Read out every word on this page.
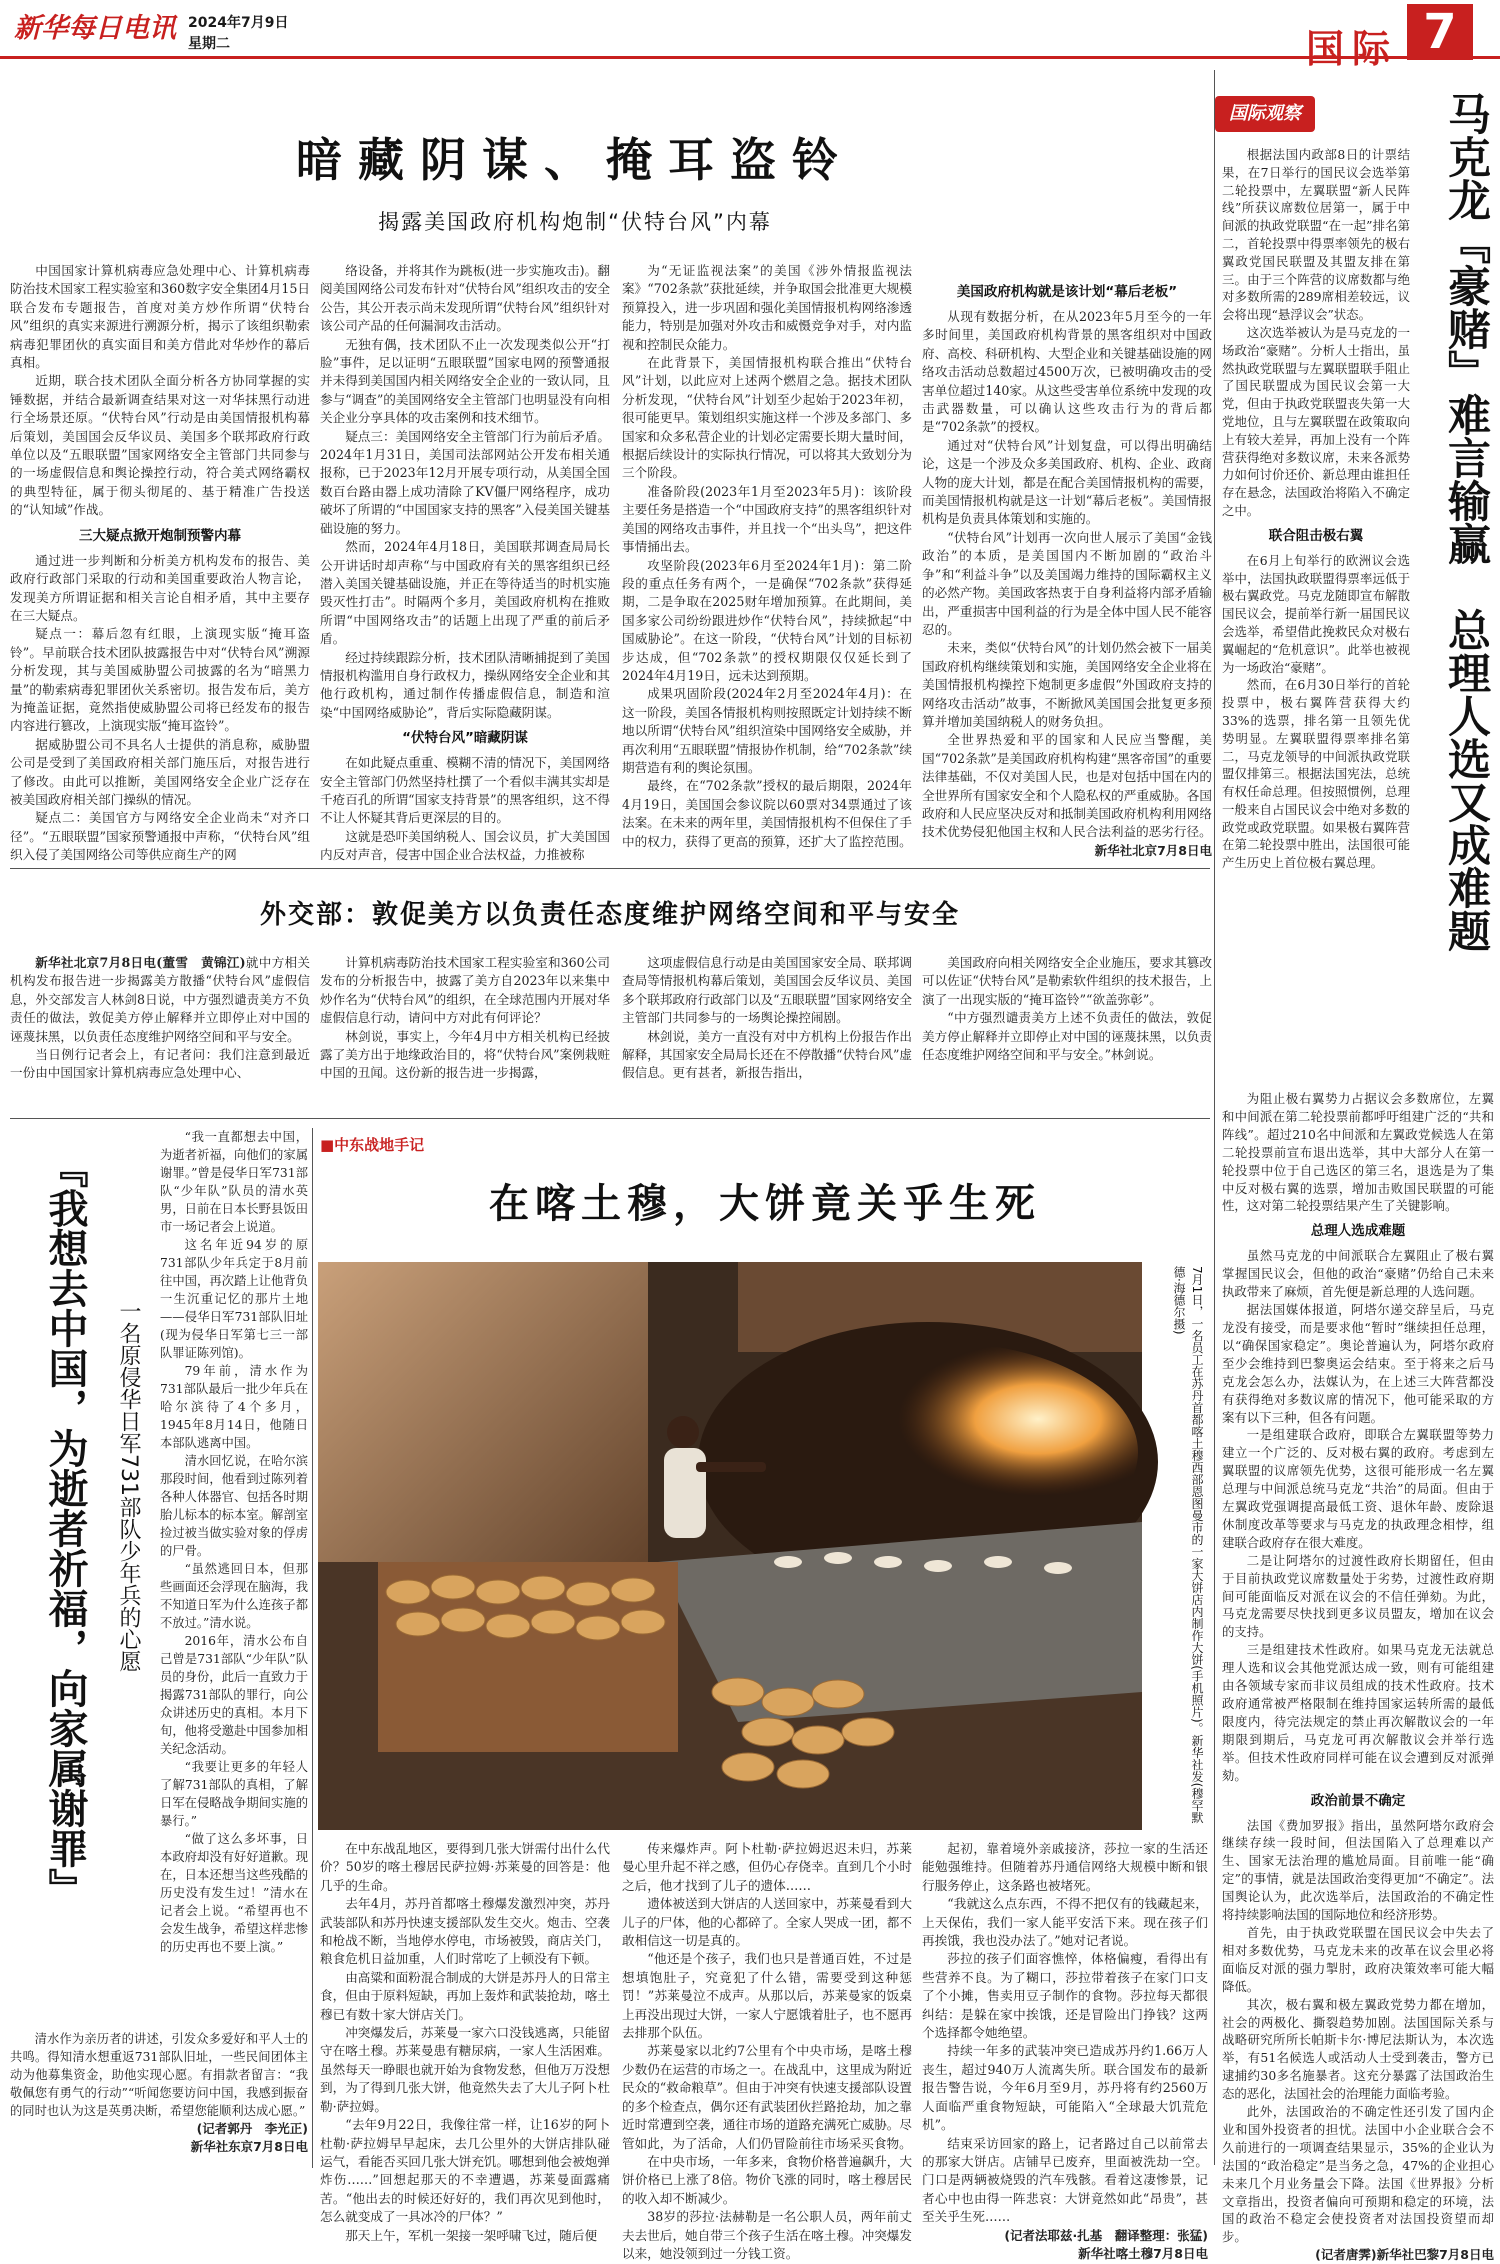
新华每日电讯 2024年7月9日
星期二	国际 7
暗藏阴谋、掩耳盗铃
揭露美国政府机构炮制“伏特台风”内幕

中国国家计算机病毒应急处理中心、计算机病毒防治技术国家工程实验室和360数字安全集团4月15日联合发布专题报告，首度对美方炒作所谓“伏特台风”组织的真实来源进行溯源分析，揭示了该组织勒索病毒犯罪团伙的真实面目和美方借此对华炒作的幕后真相。

近期，联合技术团队全面分析各方协同掌握的实锤数据，并结合最新调查结果对这一对华抹黑行动进行全场景还原。“伏特台风”行动是由美国情报机构幕后策划，美国国会反华议员、美国多个联邦政府行政单位以及“五眼联盟”国家网络安全主管部门共同参与的一场虚假信息和舆论操控行动，符合美式网络霸权的典型特征，属于彻头彻尾的、基于精准广告投送的“认知域”作战。

三大疑点掀开炮制预警内幕

通过进一步判断和分析美方机构发布的报告、美政府行政部门采取的行动和美国重要政治人物言论，发现美方所谓证据和相关言论自相矛盾，其中主要存在三大疑点。

疑点一：幕后忽有红眼，上演现实版“掩耳盗铃”。早前联合技术团队披露报告中对“伏特台风”溯源分析发现，其与美国威胁盟公司披露的名为“暗黑力量”的勒索病毒犯罪团伙关系密切。报告发布后，美方为掩盖证据，竟然指使威胁盟公司将已经发布的报告内容进行篡改，上演现实版“掩耳盗铃”。

据威胁盟公司不具名人士提供的消息称，威胁盟公司是受到了美国政府相关部门施压后，对报告进行了修改。由此可以推断，美国网络安全企业广泛存在被美国政府相关部门操纵的情况。

疑点二：美国官方与网络安全企业尚未“对齐口径”。“五眼联盟”国家预警通报中声称，“伏特台风”组织入侵了美国网络公司等供应商生产的网

络设备，并将其作为跳板(进一步实施攻击)。翻阅美国网络公司发布针对“伏特台风”组织攻击的安全公告，其公开表示尚未发现所谓“伏特台风”组织针对该公司产品的任何漏洞攻击活动。

无独有偶，技术团队不止一次发现类似公开“打脸”事件，足以证明“五眼联盟”国家电网的预警通报并未得到美国国内相关网络安全企业的一致认同，且参与“调查”的美国网络安全主管部门也明显没有向相关企业分享具体的攻击案例和技术细节。

疑点三：美国网络安全主管部门行为前后矛盾。2024年1月31日，美国司法部网站公开发布相关通报称，已于2023年12月开展专项行动，从美国全国数百台路由器上成功清除了KV僵尸网络程序，成功破坏了所谓的“中国国家支持的黑客”入侵美国关键基础设施的努力。

然而，2024年4月18日，美国联邦调查局局长公开讲话时却声称“与中国政府有关的黑客组织已经潜入美国关键基础设施，并正在等待适当的时机实施毁灭性打击”。时隔两个多月，美国政府机构在推败所谓“中国网络攻击”的话题上出现了严重的前后矛盾。

经过持续跟踪分析，技术团队清晰捕捉到了美国情报机构滥用自身行政权力，操纵网络安全企业和其他行政机构，通过制作传播虚假信息，制造和渲染“中国网络威胁论”，背后实际隐藏阴谋。

“伏特台风”暗藏阴谋

在如此疑点重重、模糊不清的情况下，美国网络安全主管部门仍然坚持杜撰了一个看似丰满其实却是千疮百孔的所谓“国家支持背景”的黑客组织，这不得不让人怀疑其背后更深层的目的。

这就是恐吓美国纳税人、国会议员，扩大美国国内反对声音，侵害中国企业合法权益，力推被称

为“无证监视法案”的美国《涉外情报监视法案》“702条款”获批延续，并争取国会批准更大规模预算投入，进一步巩固和强化美国情报机构网络渗透能力，特别是加强对外攻击和威慑竞争对手，对内监视和控制民众能力。

在此背景下，美国情报机构联合推出“伏特台风”计划，以此应对上述两个燃眉之急。据技术团队分析发现，“伏特台风”计划至少起始于2023年初，很可能更早。策划组织实施这样一个涉及多部门、多国家和众多私营企业的计划必定需要长期大量时间，根据后续设计的实际执行情况，可以将其大致划分为三个阶段。

准备阶段(2023年1月至2023年5月)：该阶段主要任务是搭造一个“中国政府支持”的黑客组织针对美国的网络攻击事件，并且找一个“出头鸟”，把这件事情捅出去。

攻坚阶段(2023年6月至2024年1月)：第二阶段的重点任务有两个，一是确保“702条款”获得延期，二是争取在2025财年增加预算。在此期间，美国多家公司纷纷跟进炒作“伏特台风”，持续掀起“中国威胁论”。在这一阶段，“伏特台风”计划的目标初步达成，但“702条款”的授权期限仅仅延长到了2024年4月19日，远未达到预期。

成果巩固阶段(2024年2月至2024年4月)：在这一阶段，美国各情报机构则按照既定计划持续不断地以所谓“伏特台风”组织渲染中国网络安全威胁，并再次利用“五眼联盟”情报协作机制，给“702条款”续期营造有利的舆论氛围。

最终，在“702条款”授权的最后期限，2024年4月19日，美国国会参议院以60票对34票通过了该法案。在未来的两年里，美国情报机构不但保住了手中的权力，获得了更高的预算，还扩大了监控范围。

美国政府机构就是该计划“幕后老板”

从现有数据分析，在从2023年5月至今的一年多时间里，美国政府机构背景的黑客组织对中国政府、高校、科研机构、大型企业和关键基础设施的网络攻击活动总数超过4500万次，已被明确攻击的受害单位超过140家。从这些受害单位系统中发现的攻击武器数量，可以确认这些攻击行为的背后都是“702条款”的授权。

通过对“伏特台风”计划复盘，可以得出明确结论，这是一个涉及众多美国政府、机构、企业、政商人物的庞大计划，都是在配合美国情报机构的需要，而美国情报机构就是这一计划“幕后老板”。美国情报机构是负责具体策划和实施的。

“伏特台风”计划再一次向世人展示了美国“金钱政治”的本质，是美国国内不断加剧的“政治斗争”和“利益斗争”以及美国竭力维持的国际霸权主义的必然产物。美国政客热衷于自身利益将内部矛盾输出，严重损害中国利益的行为是全体中国人民不能容忍的。

未来，类似“伏特台风”的计划仍然会被下一届美国政府机构继续策划和实施，美国网络安全企业将在美国情报机构操控下炮制更多虚假“外国政府支持的网络攻击活动”故事，不断掀风美国国会批复更多预算并增加美国纳税人的财务负担。

全世界热爱和平的国家和人民应当警醒，美国“702条款”是美国政府机构构建“黑客帝国”的重要法律基础，不仅对美国人民，也是对包括中国在内的全世界所有国家安全和个人隐私权的严重威胁。各国政府和人民应坚决反对和抵制美国政府机构利用网络技术优势侵犯他国主权和人民合法利益的恶劣行径。

新华社北京7月8日电
外交部：敦促美方以负责任态度维护网络空间和平与安全

新华社北京7月8日电(董雪　黄锦江)就中方相关机构发布报告进一步揭露美方散播“伏特台风”虚假信息，外交部发言人林剑8日说，中方强烈谴责美方不负责任的做法，敦促美方停止解释并立即停止对中国的诬蔑抹黑，以负责任态度维护网络空间和平与安全。

当日例行记者会上，有记者问：我们注意到最近一份由中国国家计算机病毒应急处理中心、

计算机病毒防治技术国家工程实验室和360公司发布的分析报告中，披露了美方自2023年以来集中炒作名为“伏特台风”的组织，在全球范围内开展对华虚假信息行动，请问中方对此有何评论？

林剑说，事实上，今年4月中方相关机构已经披露了美方出于地缘政治目的，将“伏特台风”案例栽赃中国的丑闻。这份新的报告进一步揭露，

这项虚假信息行动是由美国国家安全局、联邦调查局等情报机构幕后策划，美国国会反华议员、美国多个联邦政府行政部门以及“五眼联盟”国家网络安全主管部门共同参与的一场舆论操控闹剧。

林剑说，美方一直没有对中方机构上份报告作出解释，其国家安全局局长还在不停散播“伏特台风”虚假信息。更有甚者，新报告指出，

美国政府向相关网络安全企业施压，要求其篡改可以佐证“伏特台风”是勒索软件组织的技术报告，上演了一出现实版的“掩耳盗铃”“欲盖弥彰”。

“中方强烈谴责美方上述不负责任的做法，敦促美方停止解释并立即停止对中国的诬蔑抹黑，以负责任态度维护网络空间和平与安全。”林剑说。

国际观察	马克龙『豪赌』难言输赢　总理人选又成难题

根据法国内政部8日的计票结果，在7日举行的国民议会选举第二轮投票中，左翼联盟“新人民阵线”所获议席数位居第一，属于中间派的执政党联盟“在一起”排名第二，首轮投票中得票率领先的极右翼政党国民联盟及其盟友排在第三。由于三个阵营的议席数都与绝对多数所需的289席相差较远，议会将出现“悬浮议会”状态。

这次选举被认为是马克龙的一场政治“豪赌”。分析人士指出，虽然执政党联盟与左翼联盟联手阻止了国民联盟成为国民议会第一大党，但由于执政党联盟丧失第一大党地位，且与左翼联盟在政策取向上有较大差异，再加上没有一个阵营获得绝对多数议席，未来各派势力如何讨价还价、新总理由谁担任存在悬念，法国政治将陷入不确定之中。

联合阻击极右翼

在6月上旬举行的欧洲议会选举中，法国执政联盟得票率远低于极右翼政党。马克龙随即宣布解散国民议会，提前举行新一届国民议会选举，希望借此挽救民众对极右翼崛起的“危机意识”。此举也被视为一场政治“豪赌”。

然而，在6月30日举行的首轮投票中，极右翼阵营获得大约33%的选票，排名第一且领先优势明显。左翼联盟得票率排名第二，马克龙领导的中间派执政党联盟仅排第三。根据法国宪法，总统有权任命总理。但按照惯例，总理一般来自占国民议会中绝对多数的政党或政党联盟。如果极右翼阵营在第二轮投票中胜出，法国很可能产生历史上首位极右翼总理。

为阻止极右翼势力占据议会多数席位，左翼和中间派在第二轮投票前都呼吁组建广泛的“共和阵线”。超过210名中间派和左翼政党候选人在第二轮投票前宣布退出选举，其中大部分人在第一轮投票中位于自己选区的第三名，退选是为了集中反对极右翼的选票，增加击败国民联盟的可能性，这对第二轮投票结果产生了关键影响。

总理人选成难题

虽然马克龙的中间派联合左翼阻止了极右翼掌握国民议会，但他的政治“豪赌”仍给自己未来执政带来了麻烦，首先便是新总理的人选问题。

据法国媒体报道，阿塔尔递交辞呈后，马克龙没有接受，而是要求他“暂时”继续担任总理，以“确保国家稳定”。奥论普遍认为，阿塔尔政府至少会维持到巴黎奥运会结束。至于将来之后马克龙会怎么办，法媒认为，在上述三大阵营都没有获得绝对多数议席的情况下，他可能采取的方案有以下三种，但各有问题。

一是组建联合政府，即联合左翼联盟等势力建立一个广泛的、反对极右翼的政府。考虑到左翼联盟的议席领先优势，这很可能形成一名左翼总理与中间派总统马克龙“共治”的局面。但由于左翼政党强调提高最低工资、退休年龄、废除退休制度改革等要求与马克龙的执政理念相悖，组建联合政府存在很大难度。

二是让阿塔尔的过渡性政府长期留任，但由于目前执政党议席数量处于劣势，过渡性政府期间可能面临反对派在议会的不信任弹劾。为此，马克龙需要尽快找到更多议员盟友，增加在议会的支持。

三是组建技术性政府。如果马克龙无法就总理人选和议会其他党派达成一致，则有可能组建由各领域专家而非议员组成的技术性政府。技术政府通常被严格限制在维持国家运转所需的最低限度内，待完法规定的禁止再次解散议会的一年期限到期后，马克龙可再次解散议会并举行选举。但技术性政府同样可能在议会遭到反对派弹劾。

政治前景不确定

法国《费加罗报》指出，虽然阿塔尔政府会继续存续一段时间，但法国陷入了总理难以产生、国家无法治理的尴尬局面。目前唯一能“确定”的事情，就是法国政治变得更加“不确定”。法国舆论认为，此次选举后，法国政治的不确定性将持续影响法国的国际地位和经济形势。

首先，由于执政党联盟在国民议会中失去了相对多数优势，马克龙未来的改革在议会里必将面临反对派的强力掣肘，政府决策效率可能大幅降低。

其次，极右翼和极左翼政党势力都在增加，社会的两极化、撕裂趋势加剧。法国国际关系与战略研究所所长帕斯卡尔·博尼法斯认为，本次选举，有51名候选人或活动人士受到袭击，警方已逮捕约30多名施暴者。这充分暴露了法国政治生态的恶化，法国社会的治理能力面临考验。

此外，法国政治的不确定性还引发了国内企业和国外投资者的担忧。法国中小企业联合会不久前进行的一项调查结果显示，35%的企业认为法国的“政治稳定”是当务之急，47%的企业担心未来几个月业务量会下降。法国《世界报》分析文章指出，投资者偏向可预期和稳定的环境，法国的政治不稳定会使投资者对法国投资望而却步。

(记者唐霁)新华社巴黎7月8日电
『我想去中国，为逝者祈福，向家属谢罪』	一名原侵华日军731部队少年兵的心愿

“我一直都想去中国，为逝者祈福，向他们的家属谢罪。”曾是侵华日军731部队“少年队”队员的清水英男，日前在日本长野县饭田市一场记者会上说道。

这名年近94岁的原731部队少年兵定于8月前往中国，再次踏上让他背负一生沉重记忆的那片土地——侵华日军731部队旧址(现为侵华日军第七三一部队罪证陈列馆)。

79年前，清水作为731部队最后一批少年兵在哈尔滨待了4个多月，1945年8月14日，他随日本部队逃离中国。

清水回忆说，在哈尔滨那段时间，他看到过陈列着各种人体器官、包括各时期胎儿标本的标本室。解剖室捡过被当做实验对象的俘虏的尸骨。

“虽然逃回日本，但那些画面还会浮现在脑海，我不知道日军为什么连孩子都不放过。”清水说。

2016年，清水公布自己曾是731部队“少年队”队员的身份，此后一直致力于揭露731部队的罪行，向公众讲述历史的真相。本月下旬，他将受邀赴中国参加相关纪念活动。

“我要让更多的年轻人了解731部队的真相，了解日军在侵略战争期间实施的暴行。”

“做了这么多坏事，日本政府却没有好好道歉。现在，日本还想当这些残酷的历史没有发生过！”清水在记者会上说。“希望再也不会发生战争，希望这样悲惨的历史再也不要上演。”

清水作为亲历者的讲述，引发众多爱好和平人士的共鸣。得知清水想重返731部队旧址，一些民间团体主动为他募集资金，助他实现心愿。有捐款者留言：“我敬佩您有勇气的行动”“听闻您要访问中国，我感到振奋的同时也认为这是英勇决断，希望您能顺利达成心愿。”

(记者郭丹　李光正)
新华社东京7月8日电
■中东战地手记
在喀土穆，大饼竟关乎生死
7月1日，一名员工在苏丹首都喀土穆西部恩图曼市的一家大饼店内制作大饼(手机照片)。新华社发(穆罕默德·海德尔摄)

在中东战乱地区，要得到几张大饼需付出什么代价？50岁的喀土穆居民萨拉姆·苏莱曼的回答是：他几乎的生命。

去年4月，苏丹首都喀土穆爆发激烈冲突，苏丹武装部队和苏丹快速支援部队发生交火。炮击、空袭和枪战不断，当地停水停电，市场被毁，商店关门，粮食危机日益加重，人们时常吃了上顿没有下顿。

由高粱和面粉混合制成的大饼是苏丹人的日常主食，但由于原料短缺，再加上轰炸和武装抢劫，喀土穆已有数十家大饼店关门。

冲突爆发后，苏莱曼一家六口没钱逃离，只能留守在喀土穆。苏莱曼患有糖尿病，一家人生活困难。虽然每天一睁眼也就开始为食物发愁，但他万万没想到，为了得到几张大饼，他竟然失去了大儿子阿卜杜勒·萨拉姆。

“去年9月22日，我像往常一样，让16岁的阿卜杜勒·萨拉姆早早起床，去几公里外的大饼店排队碰运气，看能否买回几张大饼充饥。哪想到他会被炮弹炸伤……”回想起那天的不幸遭遇，苏莱曼面露痛苦。“他出去的时候还好好的，我们再次见到他时，怎么就变成了一具冰冷的尸体？”

那天上午，军机一架接一架呼啸飞过，随后便

传来爆炸声。阿卜杜勒·萨拉姆迟迟未归，苏莱曼心里升起不祥之感，但仍心存侥幸。直到几个小时之后，他才找到了儿子的遗体……

遗体被送到大饼店的人送回家中，苏莱曼看到大儿子的尸体，他的心都碎了。全家人哭成一团，都不敢相信这一切是真的。

“他还是个孩子，我们也只是普通百姓，不过是想填饱肚子，究竟犯了什么错，需要受到这种惩罚！”苏莱曼泣不成声。从那以后，苏莱曼家的饭桌上再没出现过大饼，一家人宁愿饿着肚子，也不愿再去排那个队伍。

苏莱曼家以北约7公里有个中央市场，是喀土穆少数仍在运营的市场之一。在战乱中，这里成为附近民众的“救命粮草”。但由于冲突有快速支援部队设置的多个检查点，偶尔还有武装团伙拦路抢劫，加之靠近时常遭到空袭，通往市场的道路充满死亡威胁。尽管如此，为了活命，人们仍冒险前往市场采买食物。

在中央市场，一年多来，食物价格普遍飙升，大饼价格已上涨了8倍。物价飞涨的同时，喀土穆居民的收入却不断减少。

38岁的莎拉·法赫勒是一名公职人员，两年前丈夫去世后，她自带三个孩子生活在喀土穆。冲突爆发以来，她没领到过一分钱工资。

起初，靠着境外亲戚接济，莎拉一家的生活还能勉强维持。但随着苏丹通信网络大规模中断和银行服务停止，这条路也被堵死。

“我就这么点东西，不得不把仅有的钱藏起来，上天保佑，我们一家人能平安活下来。现在孩子们再挨饿，我也没办法了。”她对记者说。

莎拉的孩子们面容憔悴，体格偏瘦，看得出有些营养不良。为了糊口，莎拉带着孩子在家门口支了个小摊，售卖用豆子制作的食物。莎拉每天都很纠结：是躲在家中挨饿，还是冒险出门挣钱？这两个选择都令她绝望。

持续一年多的武装冲突已造成苏丹约1.66万人丧生，超过940万人流离失所。联合国发布的最新报告警告说，今年6月至9月，苏丹将有约2560万人面临严重食物短缺，可能陷入“全球最大饥荒危机”。

结束采访回家的路上，记者路过自己以前常去的那家大饼店。店铺早已废弃，里面被洗劫一空。门口是两辆被烧毁的汽车残骸。看着这凄惨景，记者心中也由得一阵悲哀：大饼竟然如此“昂贵”，甚至关乎生死……

(记者法耶兹·扎基　翻译整理：张猛)
新华社喀土穆7月8日电
